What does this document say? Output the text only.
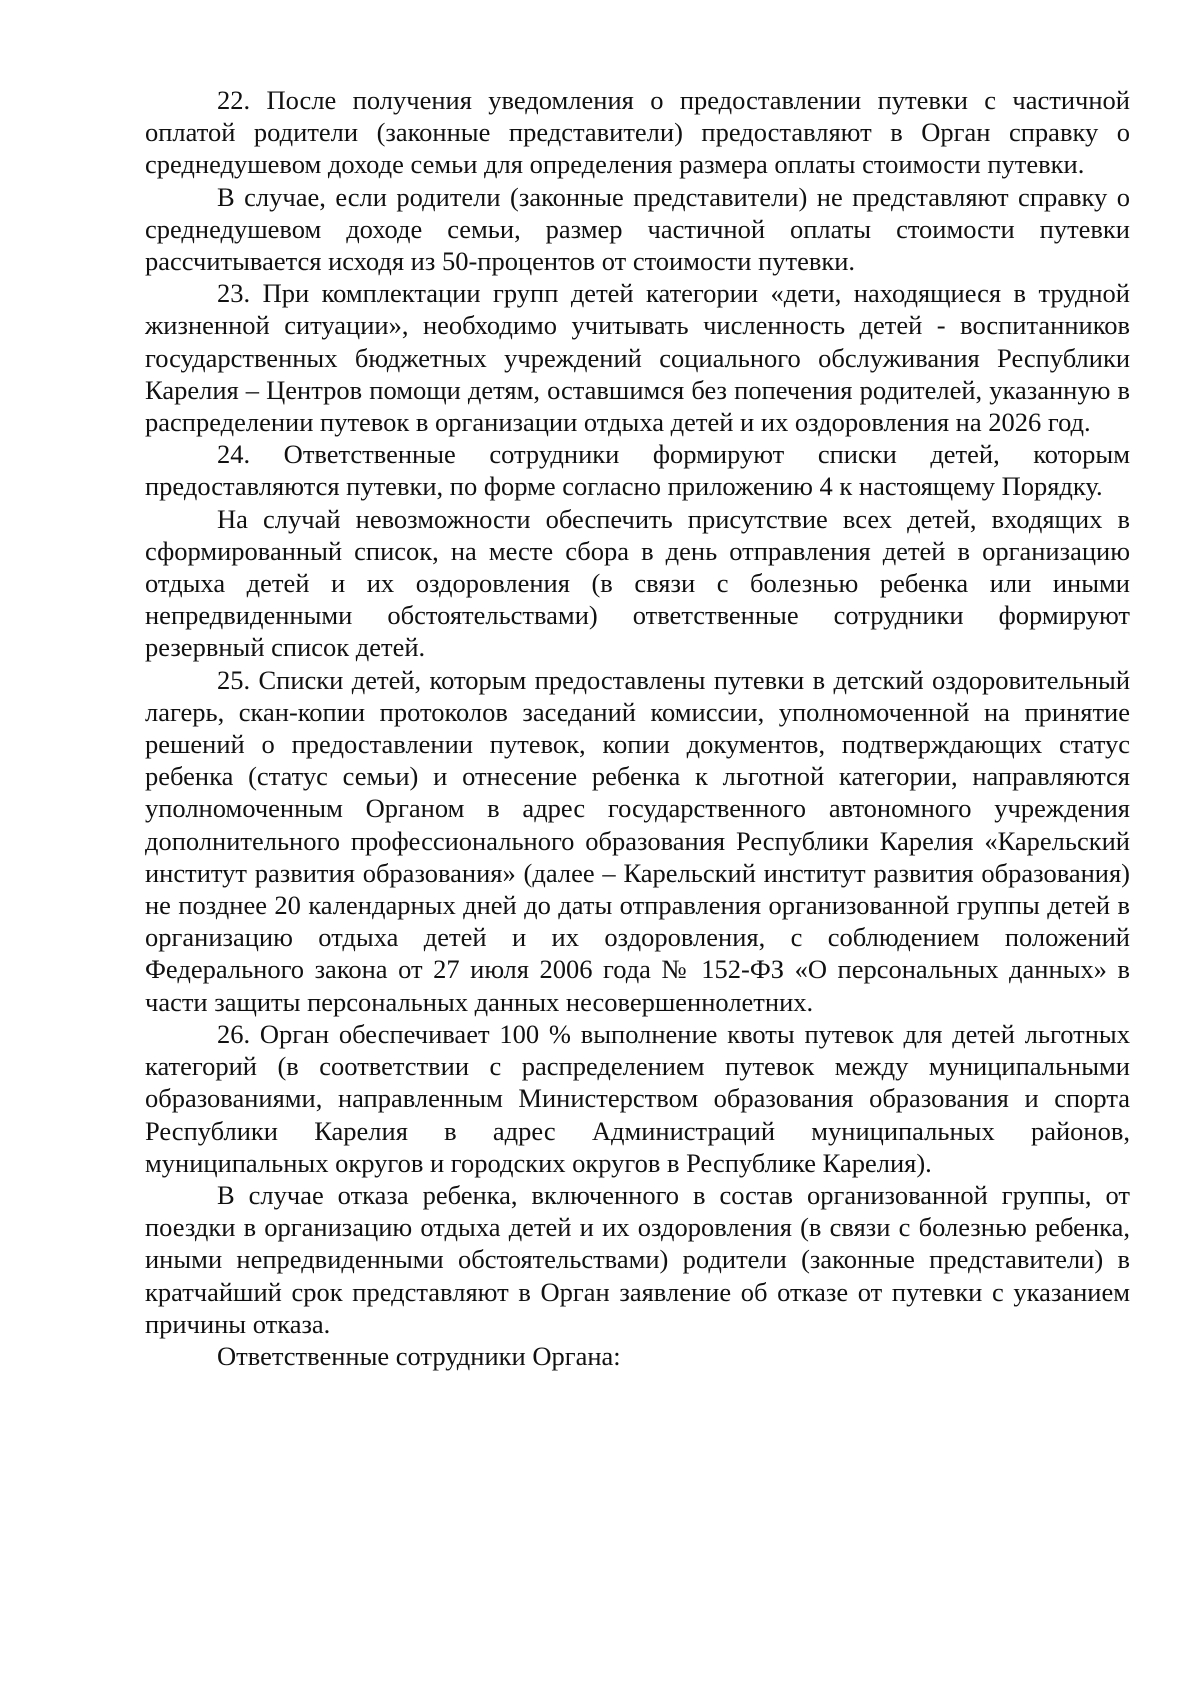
22. После получения уведомления о предоставлении путевки с частичной оплатой родители (законные представители) предоставляют в Орган справку о среднедушевом доходе семьи для определения размера оплаты стоимости путевки.

В случае, если родители (законные представители) не представляют справку о среднедушевом доходе семьи, размер частичной оплаты стоимости путевки рассчитывается исходя из 50-процентов от стоимости путевки.

23. При комплектации групп детей категории «дети, находящиеся в трудной жизненной ситуации», необходимо учитывать численность детей - воспитанников государственных бюджетных учреждений социального обслуживания Республики Карелия – Центров помощи детям, оставшимся без попечения родителей, указанную в распределении путевок в организации отдыха детей и их оздоровления на 2026 год.

24. Ответственные сотрудники формируют списки детей, которым предоставляются путевки, по форме согласно приложению 4 к настоящему Порядку.

На случай невозможности обеспечить присутствие всех детей, входящих в сформированный список, на месте сбора в день отправления детей в организацию отдыха детей и их оздоровления (в связи с болезнью ребенка или иными непредвиденными обстоятельствами) ответственные сотрудники формируют резервный список детей.

25. Списки детей, которым предоставлены путевки в детский оздоровительный лагерь, скан-копии протоколов заседаний комиссии, уполномоченной на принятие решений о предоставлении путевок, копии документов, подтверждающих статус ребенка (статус семьи) и отнесение ребенка к льготной категории, направляются уполномоченным Органом в адрес государственного автономного учреждения дополнительного профессионального образования Республики Карелия «Карельский институт развития образования» (далее – Карельский институт развития образования) не позднее 20 календарных дней до даты отправления организованной группы детей в организацию отдыха детей и их оздоровления, с соблюдением положений Федерального закона от 27 июля 2006 года № 152-ФЗ «О персональных данных» в части защиты персональных данных несовершеннолетних.

26. Орган обеспечивает 100 % выполнение квоты путевок для детей льготных категорий (в соответствии с распределением путевок между муниципальными образованиями, направленным Министерством образования образования и спорта Республики Карелия в адрес Администраций муниципальных районов, муниципальных округов и городских округов в Республике Карелия).

В случае отказа ребенка, включенного в состав организованной группы, от поездки в организацию отдыха детей и их оздоровления (в связи с болезнью ребенка, иными непредвиденными обстоятельствами) родители (законные представители) в кратчайший срок представляют в Орган заявление об отказе от путевки с указанием причины отказа.

Ответственные сотрудники Органа:
